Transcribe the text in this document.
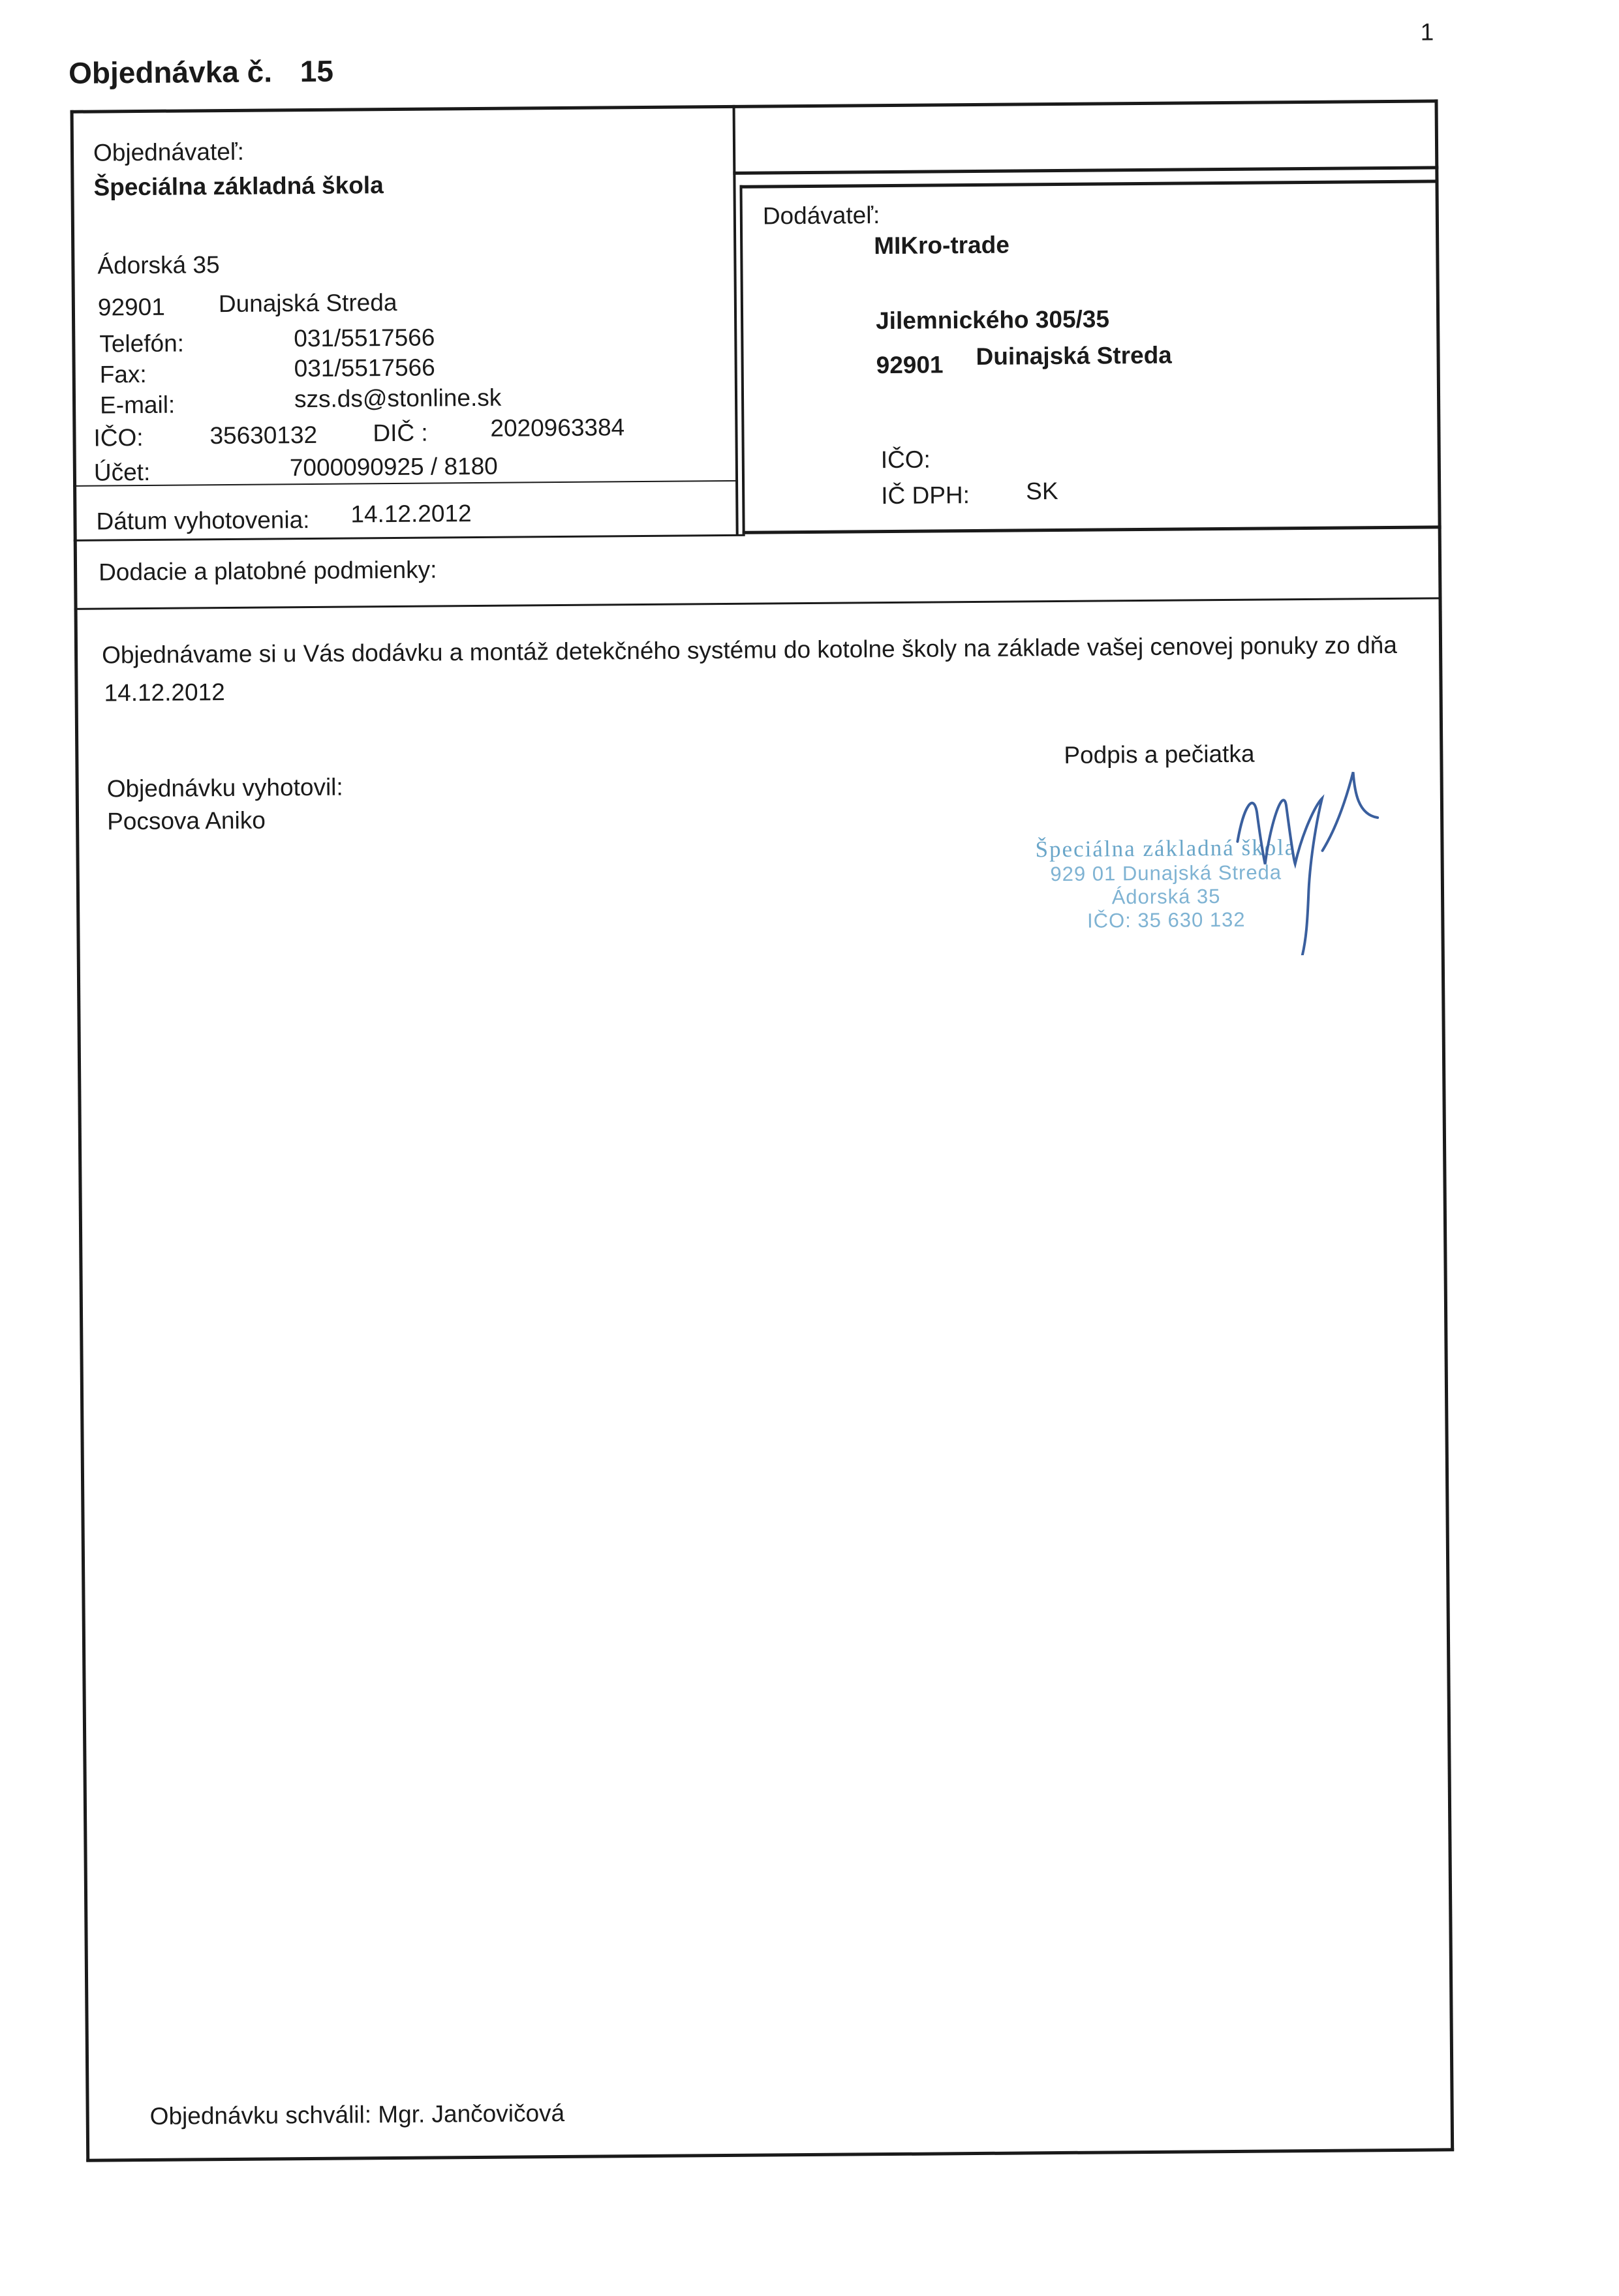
1
Objednávka č. 15
Objednávateľ:
Špeciálna základná škola
Ádorská 35
92901 Dunajská Streda
Telefón:	031/5517566
Fax:	031/5517566
E-mail:	szs.ds@stonline.sk
IČO:	35630132 DIČ :	2020963384
Účet:	7000090925 / 8180
Dátum vyhotovenia: 14.12.2012
Dodávateľ:
MIKro-trade
Jilemnického 305/35
92901 Duinajská Streda
IČO:
IČ DPH: SK
Dodacie a platobné podmienky:
Objednávame si u Vás dodávku a montáž detekčného systému do kotolne školy na základe vašej cenovej ponuky zo dňa
14.12.2012
Objednávku vyhotovil:
Pocsova Aniko
Podpis a pečiatka
Špeciálna základná škola
929 01 Dunajská Streda
Ádorská 35
IČO: 35 630 132
Objednávku schválil: Mgr. Jančovičová
